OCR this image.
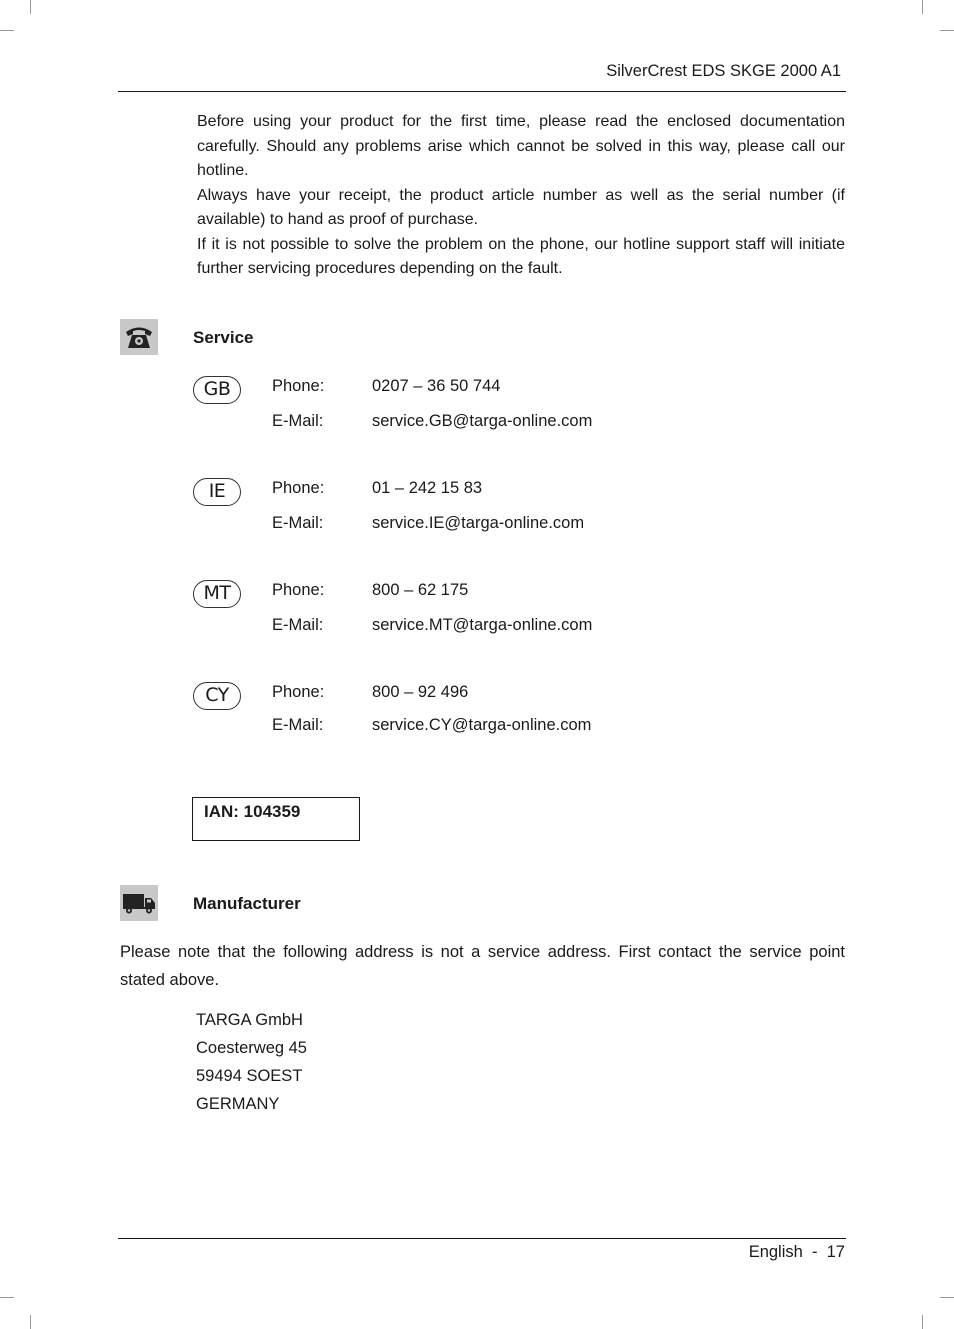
SilverCrest EDS SKGE 2000 A1

Before using your product for the first time, please read the enclosed documentation carefully. Should any problems arise which cannot be solved in this way, please call our hotline.

Always have your receipt, the product article number as well as the serial number (if available) to hand as proof of purchase.

If it is not possible to solve the problem on the phone, our hotline support staff will initiate further servicing procedures depending on the fault.

Service
GB	Phone:	0207 – 36 50 744
E-Mail:	service.GB@targa-online.com
IE	Phone:	01 – 242 15 83
E-Mail:	service.IE@targa-online.com
MT	Phone:	800 – 62 175
E-Mail:	service.MT@targa-online.com
CY	Phone:	800 – 92 496
E-Mail:	service.CY@targa-online.com
IAN: 104359
Manufacturer
Please note that the following address is not a service address. First contact the service point stated above.
TARGA GmbH
Coesterweg 45
59494 SOEST
GERMANY
English  -  17
